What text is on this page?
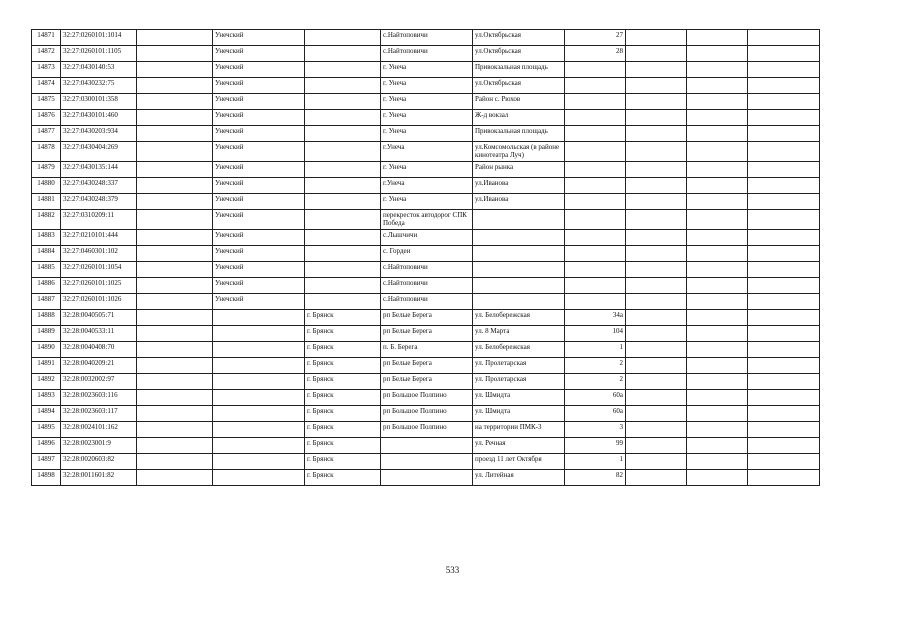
14871	32:27:0260101:1014		Унечский		с.Найтоповичи	ул.Октябрьская	27			
14872	32:27:0260101:1105		Унечский		с.Найтоповичи	ул.Октябрьская	28			
14873	32:27:0430140:53		Унечский		г. Унеча	Привокзальная площадь				
14874	32:27:0430232:75		Унечский		г. Унеча	ул.Октябрьская				
14875	32:27:0300101:358		Унечский		г. Унеча	Район с. Рюхов				
14876	32:27:0430101:460		Унечский		г. Унеча	Ж-д вокзал				
14877	32:27:0430203:934		Унечский		г. Унеча	Привокзальная площадь				
14878	32:27:0430404:269		Унечский		г.Унеча	ул.Комсомольская (в районе кинотеатра Луч)				
14879	32:27:0430135:144		Унечский		г. Унеча	Район рынка				
14880	32:27:0430248:337		Унечский		г.Унеча	ул.Иванова				
14881	32:27:0430248:379		Унечский		г. Унеча	ул.Иванова				
14882	32:27:0310209:11		Унечский		перекресток автодорог СПК Победа					
14883	32:27:0210101:444		Унечский		с.Лышчичи					
14884	32:27:0460301:102		Унечский		с. Гордеи					
14885	32:27:0260101:1054		Унечский		с.Найтоповичи					
14886	32:27:0260101:1025		Унечский		с.Найтоповичи					
14887	32:27:0260101:1026		Унечский		с.Найтоповичи					
14888	32:28:0040505:71			г. Брянск	рп Белые Берега	ул. Белобережская	34а			
14889	32:28:0040533:11			г. Брянск	рп Белые Берега	ул. 8 Марта	104			
14890	32:28:0040408:70			г. Брянск	п. Б. Берега	ул. Белобережская	1			
14891	32:28:0040209:21			г. Брянск	рп Белые Берега	ул. Пролетарская	2			
14892	32:28:0032002:97			г. Брянск	рп Белые Берега	ул. Пролетарская	2			
14893	32:28:0023603:116			г. Брянск	рп Большое Полпино	ул. Шмидта	60а			
14894	32:28:0023603:117			г. Брянск	рп Большое Полпино	ул. Шмидта	60а			
14895	32:28:0024101:162			г. Брянск	рп Большое Полпино	на территории ПМК-3	3			
14896	32:28:0023001:9			г. Брянск		ул. Речная	99			
14897	32:28:0020603:82			г. Брянск		проезд 11 лет Октября	1			
14898	32:28:0011601:82			г. Брянск		ул. Литейная	82			
533
